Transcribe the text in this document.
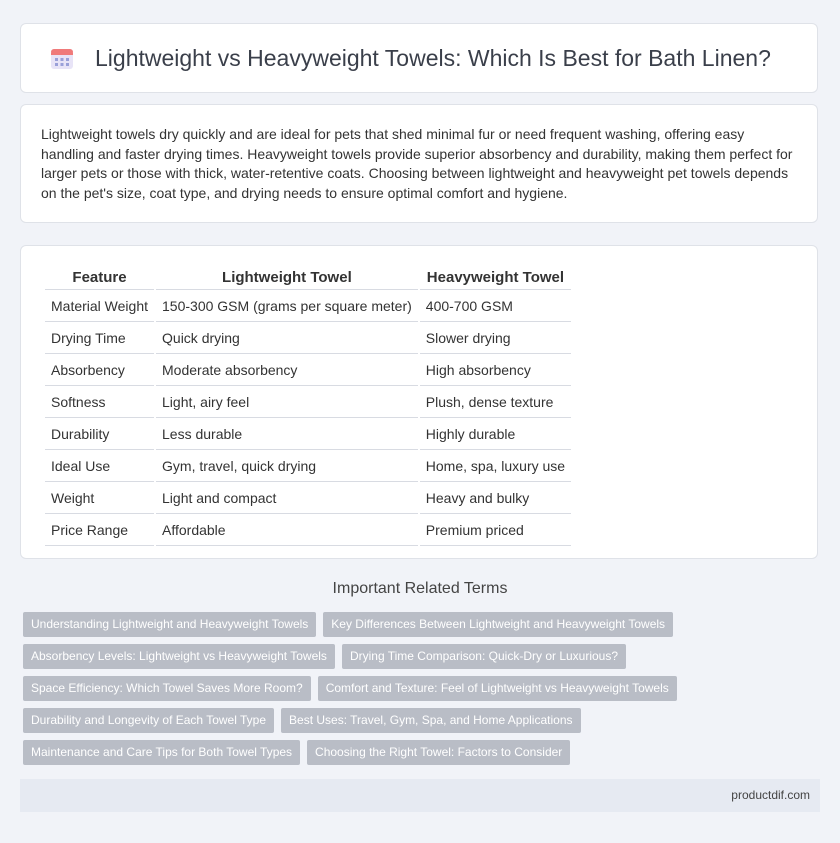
Lightweight vs Heavyweight Towels: Which Is Best for Bath Linen?

Lightweight towels dry quickly and are ideal for pets that shed minimal fur or need frequent washing, offering easy handling and faster drying times. Heavyweight towels provide superior absorbency and durability, making them perfect for larger pets or those with thick, water-retentive coats. Choosing between lightweight and heavyweight pet towels depends on the pet's size, coat type, and drying needs to ensure optimal comfort and hygiene.

Feature	Lightweight Towel	Heavyweight Towel
Material Weight	150-300 GSM (grams per square meter)	400-700 GSM
Drying Time	Quick drying	Slower drying
Absorbency	Moderate absorbency	High absorbency
Softness	Light, airy feel	Plush, dense texture
Durability	Less durable	Highly durable
Ideal Use	Gym, travel, quick drying	Home, spa, luxury use
Weight	Light and compact	Heavy and bulky
Price Range	Affordable	Premium priced
Important Related Terms
Understanding Lightweight and Heavyweight Towels	Key Differences Between Lightweight and Heavyweight Towels
Absorbency Levels: Lightweight vs Heavyweight Towels	Drying Time Comparison: Quick-Dry or Luxurious?
Space Efficiency: Which Towel Saves More Room?	Comfort and Texture: Feel of Lightweight vs Heavyweight Towels
Durability and Longevity of Each Towel Type	Best Uses: Travel, Gym, Spa, and Home Applications
Maintenance and Care Tips for Both Towel Types	Choosing the Right Towel: Factors to Consider
productdif.com
